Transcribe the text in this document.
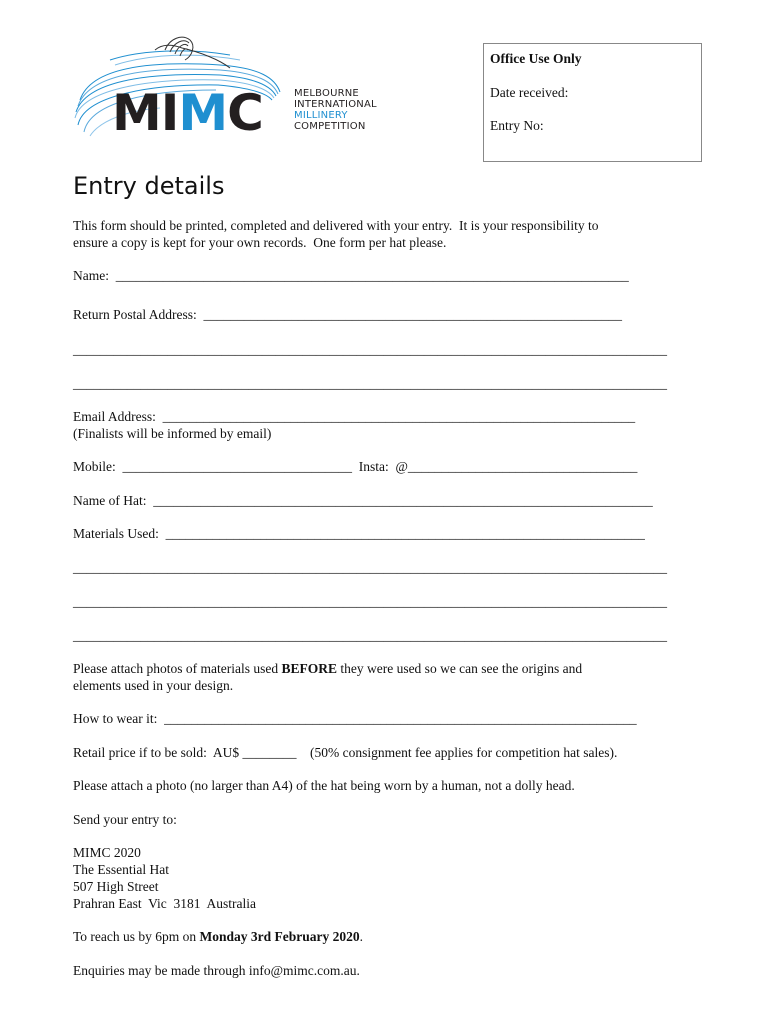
MIMC	MELBOURNE
INTERNATIONAL
MILLINERY
COMPETITION
Office Use Only
Date received:
Entry No:
Entry details
This form should be printed, completed and delivered with your entry.  It is your responsibility to
ensure a copy is kept for your own records.  One form per hat please.
Name:  ____________________________________________________________________________
Return Postal Address:  ______________________________________________________________
________________________________________________________________________________________
________________________________________________________________________________________
Email Address:  ______________________________________________________________________
(Finalists will be informed by email)
Mobile:  __________________________________  Insta:  @__________________________________
Name of Hat:  __________________________________________________________________________
Materials Used:  _______________________________________________________________________
________________________________________________________________________________________
________________________________________________________________________________________
________________________________________________________________________________________
Please attach photos of materials used BEFORE they were used so we can see the origins and
elements used in your design.
How to wear it:  ______________________________________________________________________
Retail price if to be sold:  AU$ ________    (50% consignment fee applies for competition hat sales).
Please attach a photo (no larger than A4) of the hat being worn by a human, not a dolly head.
Send your entry to:
MIMC 2020
The Essential Hat
507 High Street
Prahran East  Vic  3181  Australia
To reach us by 6pm on Monday 3rd February 2020.
Enquiries may be made through info@mimc.com.au.
